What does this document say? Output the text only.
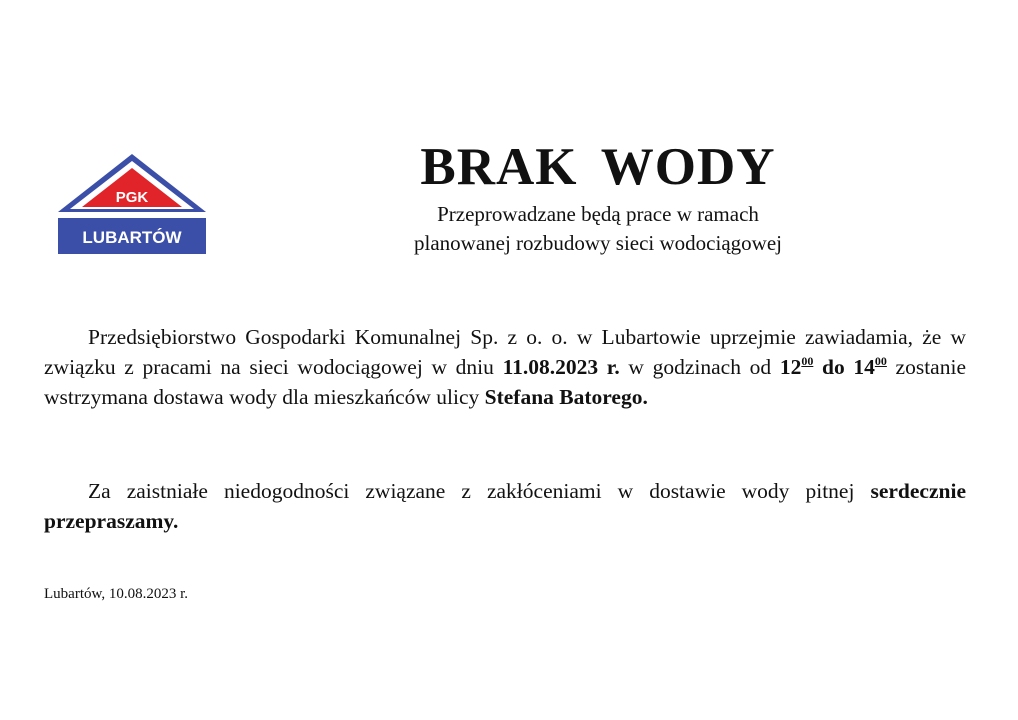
PGK
LUBARTÓW
BRAK WODY
Przeprowadzane będą prace w ramach
planowanej rozbudowy sieci wodociągowej

Przedsiębiorstwo Gospodarki Komunalnej Sp. z o. o. w Lubartowie uprzejmie zawiadamia, że w związku z pracami na sieci wodociągowej w dniu 11.08.2023 r. w godzinach od $12^{00}$ do $14^{00}$ zostanie wstrzymana dostawa wody dla mieszkańców ulicy Stefana Batorego.

Za zaistniałe niedogodności związane z zakłóceniami w dostawie wody pitnej serdecznie przepraszamy.

Lubartów, 10.08.2023 r.
